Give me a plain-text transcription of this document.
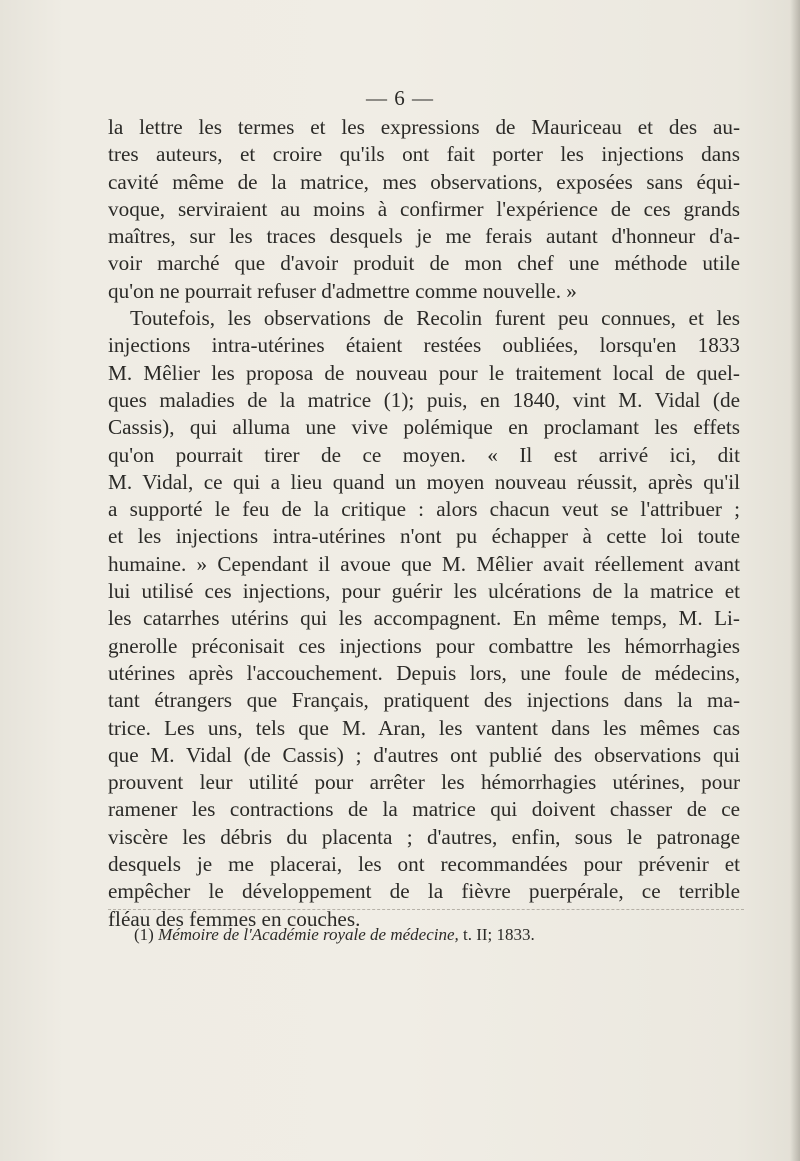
— 6 —
la lettre les termes et les expressions de Mauriceau et des au-
tres auteurs, et croire qu'ils ont fait porter les injections dans
cavité même de la matrice, mes observations, exposées sans équi-
voque, serviraient au moins à confirmer l'expérience de ces grands
maîtres, sur les traces desquels je me ferais autant d'honneur d'a-
voir marché que d'avoir produit de mon chef une méthode utile
qu'on ne pourrait refuser d'admettre comme nouvelle. »
Toutefois, les observations de Recolin furent peu connues, et les
injections intra-utérines étaient restées oubliées, lorsqu'en 1833
M. Mêlier les proposa de nouveau pour le traitement local de quel-
ques maladies de la matrice (1); puis, en 1840, vint M. Vidal (de
Cassis), qui alluma une vive polémique en proclamant les effets
qu'on pourrait tirer de ce moyen. « Il est arrivé ici, dit
M. Vidal, ce qui a lieu quand un moyen nouveau réussit, après qu'il
a supporté le feu de la critique : alors chacun veut se l'attribuer ;
et les injections intra-utérines n'ont pu échapper à cette loi toute
humaine. » Cependant il avoue que M. Mêlier avait réellement avant
lui utilisé ces injections, pour guérir les ulcérations de la matrice et
les catarrhes utérins qui les accompagnent. En même temps, M. Li-
gnerolle préconisait ces injections pour combattre les hémorrhagies
utérines après l'accouchement. Depuis lors, une foule de médecins,
tant étrangers que Français, pratiquent des injections dans la ma-
trice. Les uns, tels que M. Aran, les vantent dans les mêmes cas
que M. Vidal (de Cassis) ; d'autres ont publié des observations qui
prouvent leur utilité pour arrêter les hémorrhagies utérines, pour
ramener les contractions de la matrice qui doivent chasser de ce
viscère les débris du placenta ; d'autres, enfin, sous le patronage
desquels je me placerai, les ont recommandées pour prévenir et
empêcher le développement de la fièvre puerpérale, ce terrible
fléau des femmes en couches.
(1) Mémoire de l'Académie royale de médecine, t. II; 1833.
